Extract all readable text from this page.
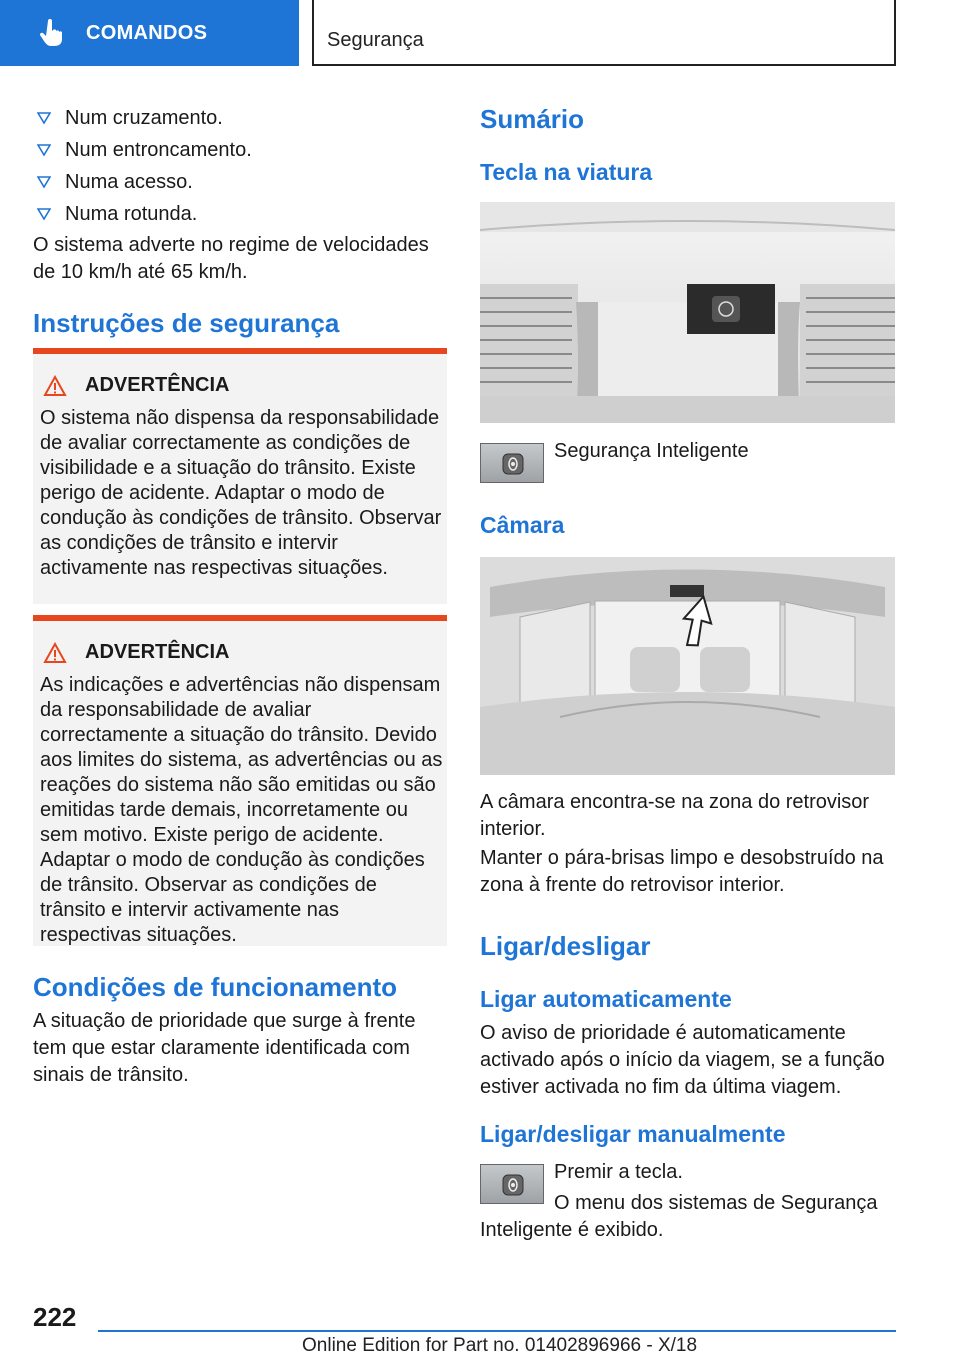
COMANDOS	Segurança
Num cruzamento.
Num entroncamento.
Numa acesso.
Numa rotunda.
O sistema adverte no regime de velocidades de 10 km/h até 65 km/h.
Instruções de segurança
ADVERTÊNCIA
O sistema não dispensa da responsabilidade de avaliar correctamente as condições de visibilidade e a situação do trânsito. Existe perigo de acidente. Adaptar o modo de condução às condições de trânsito. Observar as condições de trânsito e intervir activamente nas respectivas situações.
ADVERTÊNCIA
As indicações e advertências não dispensam da responsabilidade de avaliar correctamente a situação do trânsito. Devido aos limites do sistema, as advertências ou as reações do sistema não são emitidas ou são emitidas tarde demais, incorretamente ou sem motivo. Existe perigo de acidente. Adaptar o modo de condução às condições de trânsito. Observar as condições de trânsito e intervir activamente nas respectivas situações.
Condições de funcionamento
A situação de prioridade que surge à frente tem que estar claramente identificada com sinais de trânsito.
Sumário
Tecla na viatura
Segurança Inteligente
Câmara
A câmara encontra-se na zona do retrovisor interior.
Manter o pára-brisas limpo e desobstruído na zona à frente do retrovisor interior.
Ligar/desligar
Ligar automaticamente
O aviso de prioridade é automaticamente activado após o início da viagem, se a função estiver activada no fim da última viagem.
Ligar/desligar manualmente
Premir a tecla.
O menu dos sistemas de Segurança Inteligente é exibido.
222
Online Edition for Part no. 01402896966 - X/18
